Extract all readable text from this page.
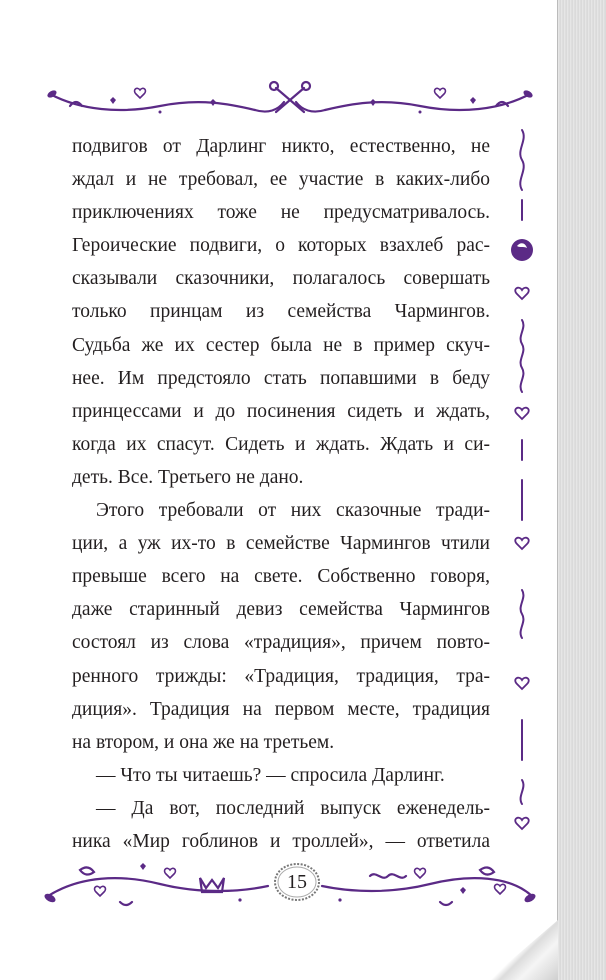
подвигов от Дарлинг никто, естественно, не
ждал и не требовал, ее участие в каких-либо
приключениях тоже не предусматривалось.
Героические подвиги, о которых взахлеб рас-
сказывали сказочники, полагалось совершать
только принцам из семейства Чармингов.
Судьба же их сестер была не в пример скуч-
нее. Им предстояло стать попавшими в беду
принцессами и до посинения сидеть и ждать,
когда их спасут. Сидеть и ждать. Ждать и си-
деть. Все. Третьего не дано.
Этого требовали от них сказочные тради-
ции, а уж их-то в семействе Чармингов чтили
превыше всего на свете. Собственно говоря,
даже старинный девиз семейства Чармингов
состоял из слова «традиция», причем повто-
ренного трижды: «Традиция, традиция, тра-
диция». Традиция на первом месте, традиция
на втором, и она же на третьем.
— Что ты читаешь? — спросила Дарлинг.
— Да вот, последний выпуск еженедель-
ника «Мир гоблинов и троллей», — ответила
15
